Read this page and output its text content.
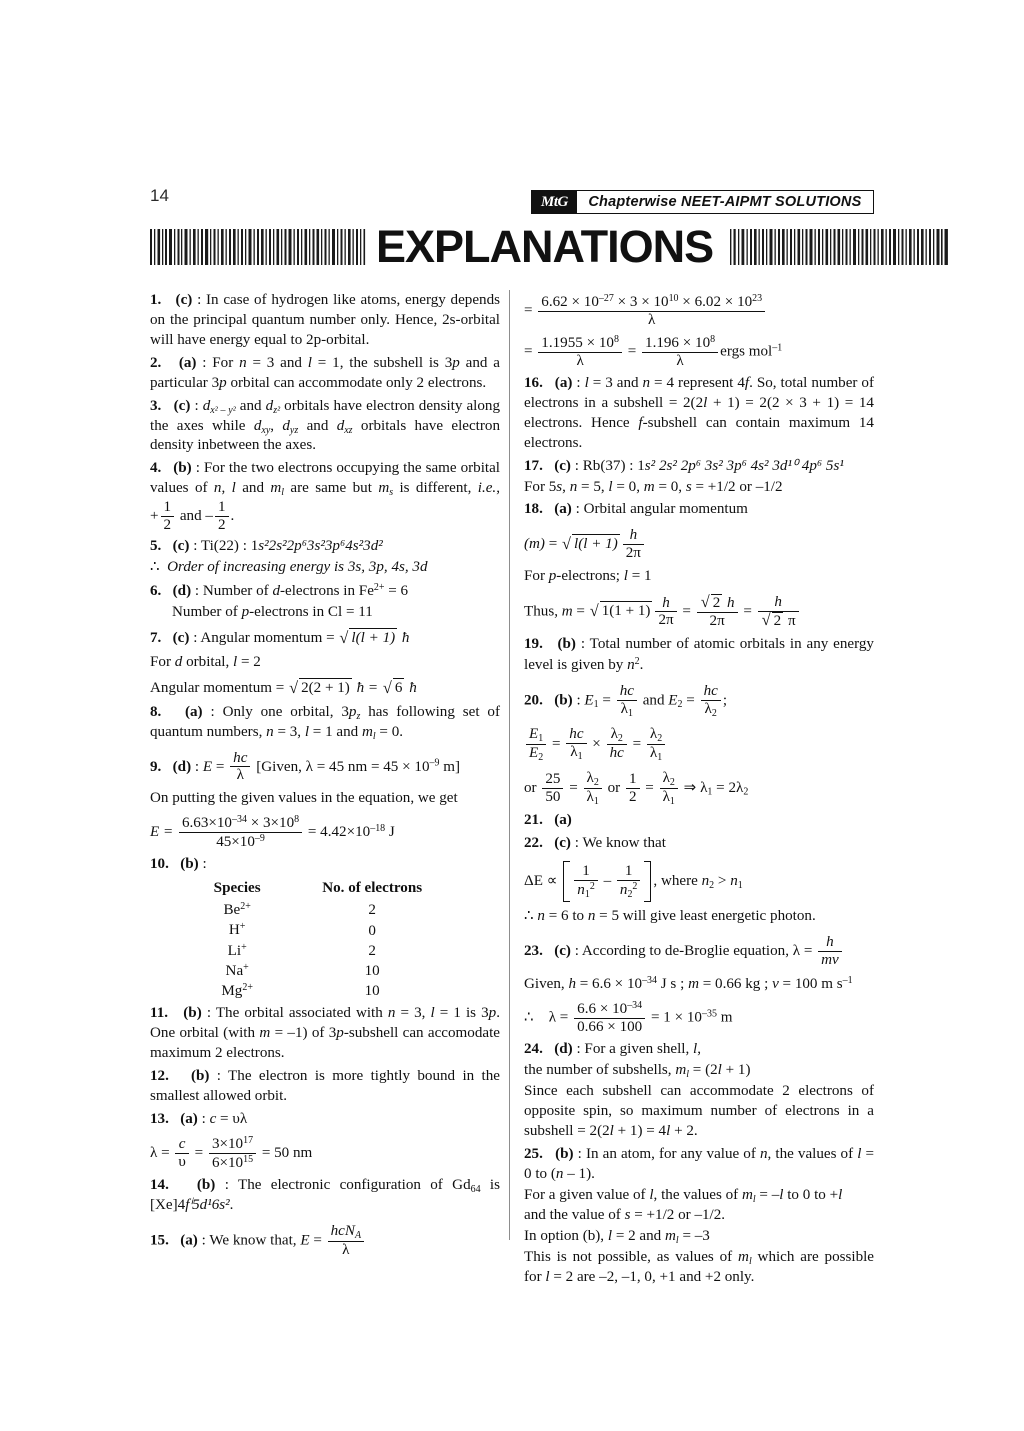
14	MtG	Chapterwise NEET-AIPMT SOLUTIONS
EXPLANATIONS

1. (c) : In case of hydrogen like atoms, energy depends on the principal quantum number only. Hence, 2s-orbital will have energy equal to 2p-orbital.

2. (a) : For n = 3 and l = 1, the subshell is 3p and a particular 3p orbital can accommodate only 2 electrons.

3. (c) : $d_{x^2 - y^2}$ and $d_{z^2}$ orbitals have electron density along the axes while $d_{xy}$, $d_{yz}$ and $d_{xz}$ orbitals have electron density inbetween the axes.

4. (b) : For the two electrons occupying the same orbital values of n, l and $m_l$ are same but $m_s$ is different, i.e., + $\frac{1}{2}$ and – $\frac{1}{2}$ .

5. (c) : Ti(22) : 1s²2s²2p⁶3s²3p⁶4s²3d²

∴ Order of increasing energy is 3s, 3p, 4s, 3d

6. (d) : Number of d-electrons in $Fe^{2+} = 6$

Number of p-electrons in Cl = 11

7. (c) : Angular momentum = √ l(l + 1) ħ

For d orbital, l = 2

Angular momentum = √ 2(2 + 1) ħ = √ 6 ħ

8. (a) : Only one orbital, $3p_z$ has following set of quantum numbers, n = 3, l = 1 and $m_l = 0$.

9. (d) : $E = \frac{hc}{\lambda}$ [Given, λ = 45 nm = $45 \times 10^{-9}$ m]

On putting the given values in the equation, we get

$E = \frac{6.63\times 10^{-34} \times 3\times 10^8}{45\times 10^{-9}} = 4.42\times 10^{-18}$ J

10. (b) :

Species	No. of electrons
$Be^{2+}$	2
H+	0
Li+	2
Na+	10
$Mg^{2+}$	10

11. (b) : The orbital associated with n = 3, l = 1 is 3p. One orbital (with m = –1) of 3p-subshell can accomodate maximum 2 electrons.

12. (b) : The electron is more tightly bound in the smallest allowed orbit.

13. (a) : c = υλ

$\lambda = \frac{c}{\upsilon} = \frac{3\times 10^{17}}{6\times 10^{15}} = 50$ nm

14. (b) : The electronic configuration of $Gd_{64}$ is [Xe]4fⁱ5d¹6s².

15. (a) : We know that, $E = \frac{hcN_A}{\lambda}$

= $\frac{6.62 \times 10^{-27} \times 3 \times 10^{10} \times 6.02 \times 10^{23}}{\lambda}$

= $\frac{1.1955 \times 10^8}{\lambda} = \frac{1.196 \times 10^8}{\lambda}$ ergs mol$^{-1}$

16. (a) : l = 3 and n = 4 represent 4f. So, total number of electrons in a subshell = 2(2l + 1) = 2(2 × 3 + 1) = 14 electrons. Hence f-subshell can contain maximum 14 electrons.

17. (c) : Rb(37) : 1s² 2s² 2p⁶ 3s² 3p⁶ 4s² 3d¹⁰ 4p⁶ 5s¹

For 5s, n = 5, l = 0, m = 0, s = +1/2 or –1/2

18. (a) : Orbital angular momentum

(m) = √ $l(l + 1) \frac{h}{2\pi}$

For p-electrons; l = 1

Thus, m = √ $1(1 + 1) \frac{h}{2\pi}$ = √ $\frac{2 h}{2\pi} = h$
√ 2 π

19. (b) : Total number of atomic orbitals in any energy level is given by $n^2$.

20. (b) : $E_1 = \frac{hc}{\lambda_1}$ and $E_2 = \frac{hc}{\lambda_2}$ ;

$\frac{E_1}{E_2} = \frac{hc}{\lambda_1} \times \frac{\lambda_2}{hc} = \frac{\lambda_2}{\lambda_1}$

or $\frac{25}{50} = \frac{\lambda_2}{\lambda_1}$ or $\frac{1}{2} = \frac{\lambda_2}{\lambda_1}$ ⇒ $\lambda_1 = 2\lambda_2$

21. (a)

22. (c) : We know that

$\Delta E \propto \frac{1}{n_1^2} - \frac{1}{n_2^2}$ , where $n_2 > n_1$

∴ n = 6 to n = 5 will give least energetic photon.

23. (c) : According to de-Broglie equation, $\lambda = \frac{h}{mv}$

Given, $h = 6.6 \times 10^{-34}$ J s ; m = 0.66 kg ; v = 100 m $s^{-1}$

∴ $\lambda = \frac{6.6 \times 10^{-34}}{0.66 \times 100} = 1 \times 10^{-35}$ m

24. (d) : For a given shell, l,

the number of subshells, $m_l = (2l + 1)$

Since each subshell can accommodate 2 electrons of opposite spin, so maximum number of electrons in a subshell = 2(2l + 1) = 4l + 2.

25. (b) : In an atom, for any value of n, the values of l = 0 to (n – 1).

For a given value of l, the values of $m_l = -l$ to 0 to +l

and the value of s = +1/2 or –1/2.

In option (b), l = 2 and $m_l = -3$

This is not possible, as values of $m_l$ which are possible for l = 2 are –2, –1, 0, +1 and +2 only.
